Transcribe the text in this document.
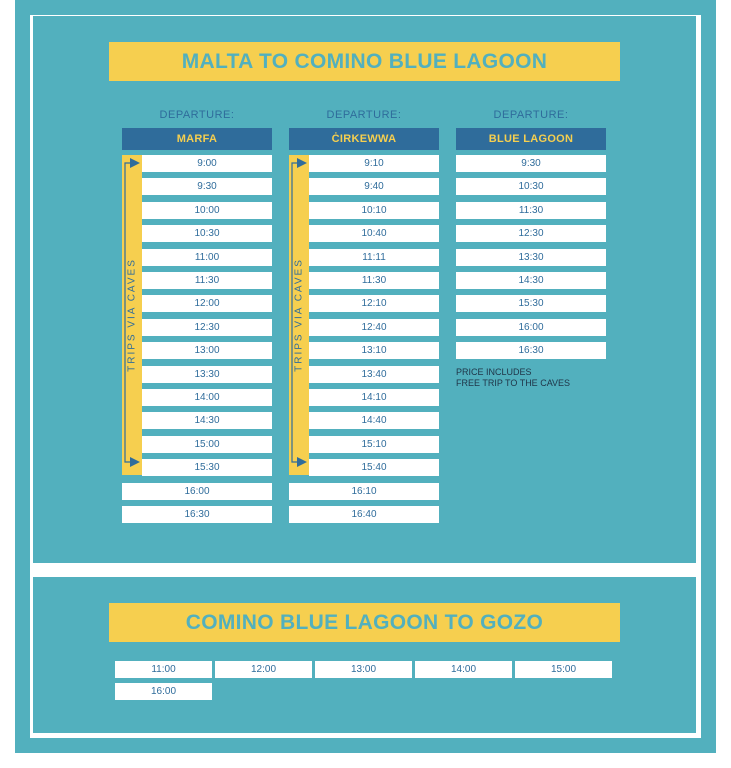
MALTA TO COMINO BLUE LAGOON
COMINO BLUE LAGOON TO GOZO
DEPARTURE:
MARFA
TRIPS VIA CAVES
9:00
9:30
10:00
10:30
11:00
11:30
12:00
12:30
13:00
13:30
14:00
14:30
15:00
15:30
16:00
16:30
DEPARTURE:
ĊIRKEWWA
TRIPS VIA CAVES
9:10
9:40
10:10
10:40
11:11
11:30
12:10
12:40
13:10
13:40
14:10
14:40
15:10
15:40
16:10
16:40
DEPARTURE:
BLUE LAGOON
9:30
10:30
11:30
12:30
13:30
14:30
15:30
16:00
16:30
PRICE INCLUDES
FREE TRIP TO THE CAVES
11:00	12:00	13:00	14:00	15:00
16:00
